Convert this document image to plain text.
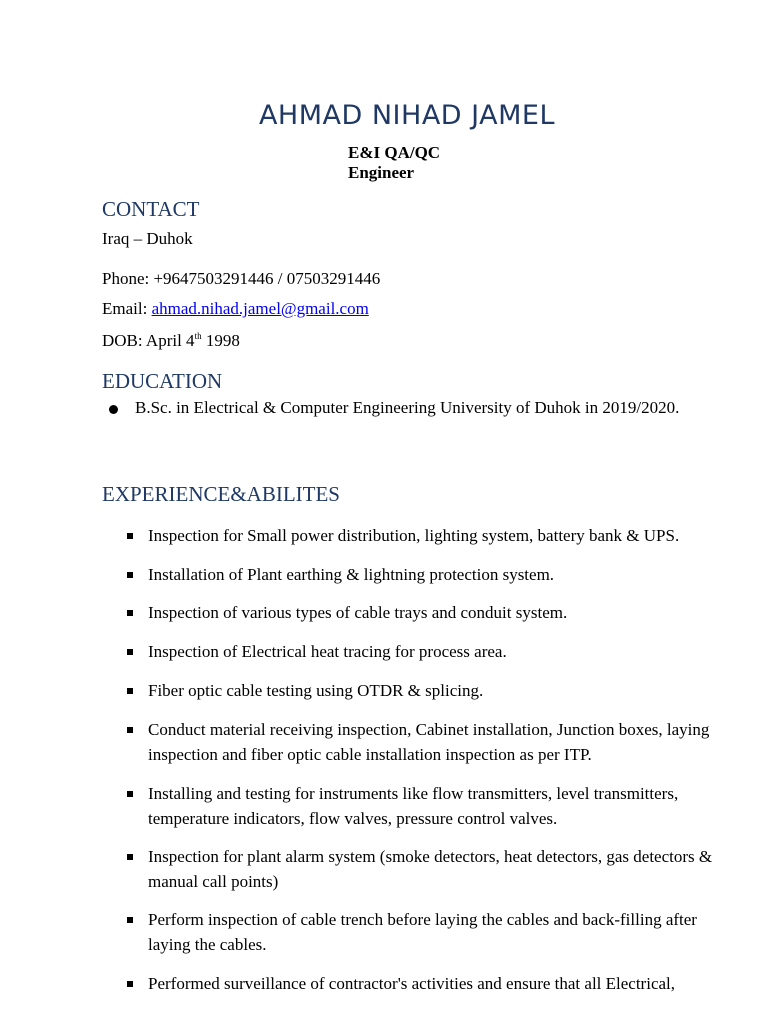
AHMAD NIHAD JAMEL
E&I QA/QC
Engineer
CONTACT
Iraq – Duhok
Phone: +9647503291446 / 07503291446
Email: ahmad.nihad.jamel@gmail.com
DOB: April 4th 1998
EDUCATION
B.Sc. in Electrical & Computer Engineering University of Duhok in 2019/2020.
EXPERIENCE&ABILITES
Inspection for Small power distribution, lighting system, battery bank & UPS.
Installation of Plant earthing & lightning protection system.
Inspection of various types of cable trays and conduit system.
Inspection of Electrical heat tracing for process area.
Fiber optic cable testing using OTDR & splicing.
Conduct material receiving inspection, Cabinet installation, Junction boxes, laying inspection and fiber optic cable installation inspection as per ITP.
Installing and testing for instruments like flow transmitters, level transmitters, temperature indicators, flow valves, pressure control valves.
Inspection for plant alarm system (smoke detectors, heat detectors, gas detectors & manual call points)
Perform inspection of cable trench before laying the cables and back-filling after laying the cables.
Performed surveillance of contractor's activities and ensure that all Electrical,
